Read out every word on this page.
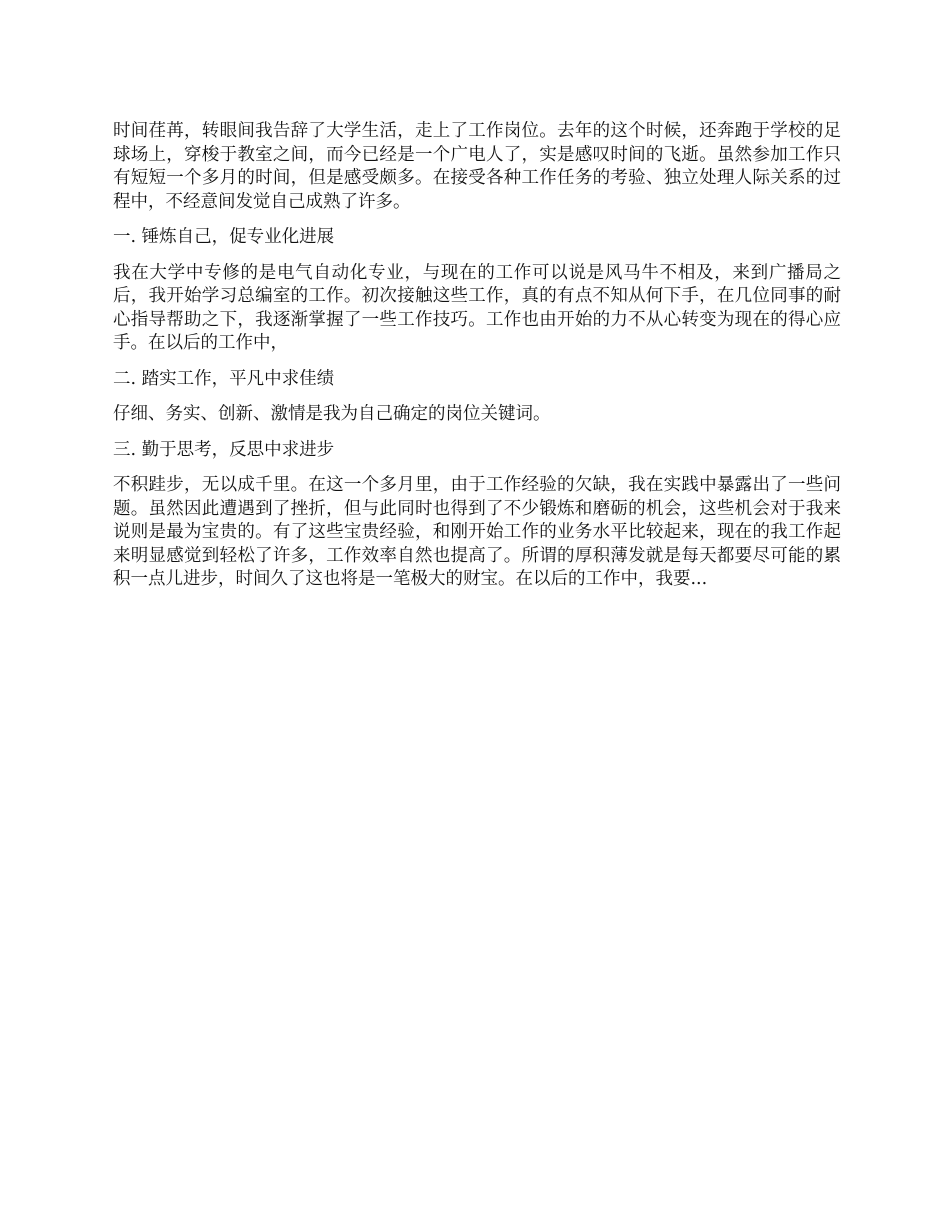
时间荏苒，转眼间我告辞了大学生活，走上了工作岗位。去年的这个时候，还奔跑于学校的足球场上，穿梭于教室之间，而今已经是一个广电人了，实是感叹时间的飞逝。虽然参加工作只有短短一个多月的时间，但是感受颇多。在接受各种工作任务的考验、独立处理人际关系的过程中，不经意间发觉自己成熟了许多。

一. 锤炼自己，促专业化进展

我在大学中专修的是电气自动化专业，与现在的工作可以说是风马牛不相及，来到广播局之后，我开始学习总编室的工作。初次接触这些工作，真的有点不知从何下手，在几位同事的耐心指导帮助之下，我逐渐掌握了一些工作技巧。工作也由开始的力不从心转变为现在的得心应手。在以后的工作中，

二. 踏实工作，平凡中求佳绩

仔细、务实、创新、激情是我为自己确定的岗位关键词。

三. 勤于思考，反思中求进步

不积跬步，无以成千里。在这一个多月里，由于工作经验的欠缺，我在实践中暴露出了一些问题。虽然因此遭遇到了挫折，但与此同时也得到了不少锻炼和磨砺的机会，这些机会对于我来说则是最为宝贵的。有了这些宝贵经验，和刚开始工作的业务水平比较起来，现在的我工作起来明显感觉到轻松了许多，工作效率自然也提高了。所谓的厚积薄发就是每天都要尽可能的累积一点儿进步，时间久了这也将是一笔极大的财宝。在以后的工作中，我要...
